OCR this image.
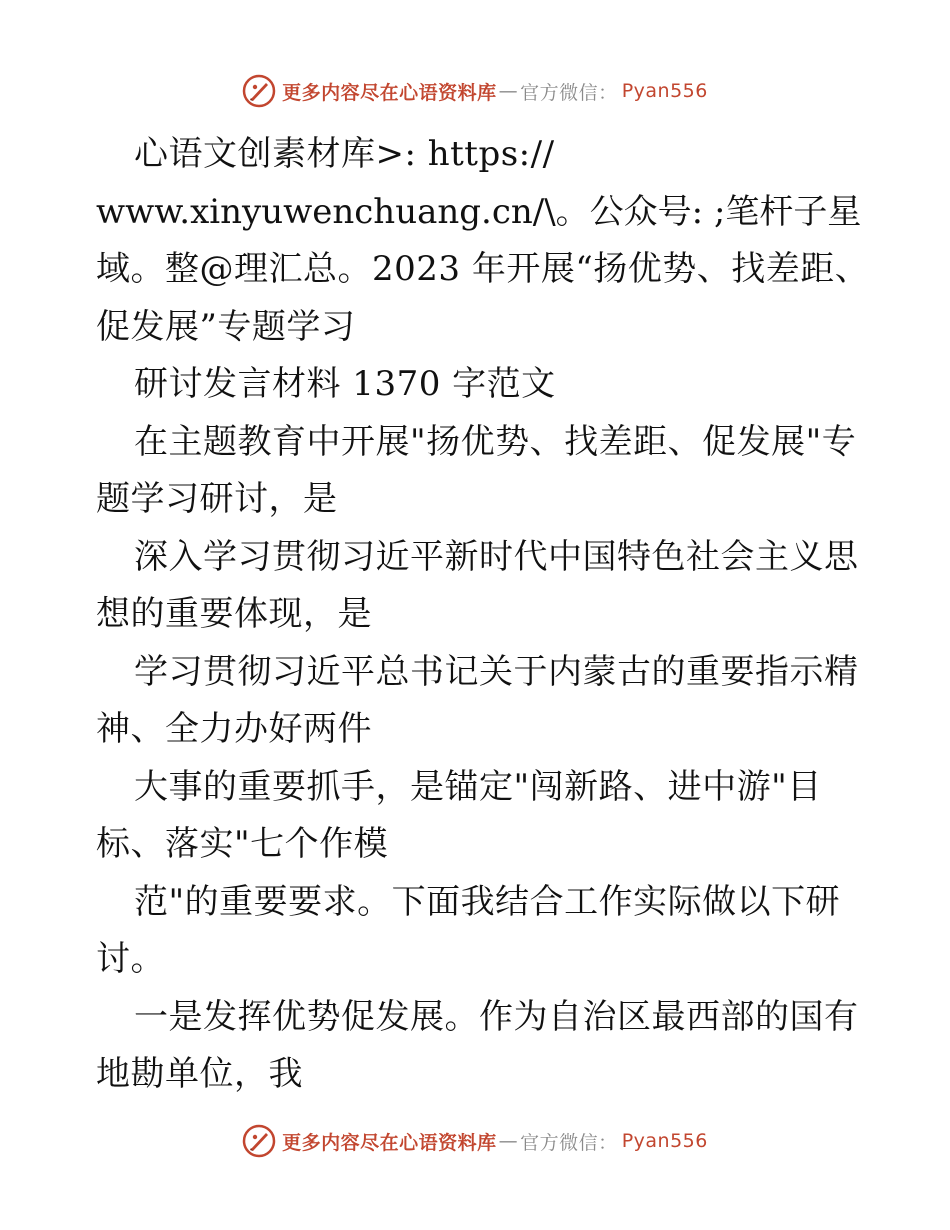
更多内容尽在心语资料库 — 官方微信： Pyan556
心语文创素材库>: https://
www.xinyuwenchuang.cn/\。公众号: ;笔杆子星
域。整@理汇总。2023 年开展“扬优势、找差距、
促发展”专题学习
研讨发言材料 1370 字范文
在主题教育中开展"扬优势、找差距、促发展"专
题学习研讨，是
深入学习贯彻习近平新时代中国特色社会主义思
想的重要体现，是
学习贯彻习近平总书记关于内蒙古的重要指示精
神、全力办好两件
大事的重要抓手，是锚定"闯新路、进中游"目
标、落实"七个作模
范"的重要要求。下面我结合工作实际做以下研
讨。
一是发挥优势促发展。作为自治区最西部的国有
地勘单位，我
更多内容尽在心语资料库 — 官方微信： Pyan556
